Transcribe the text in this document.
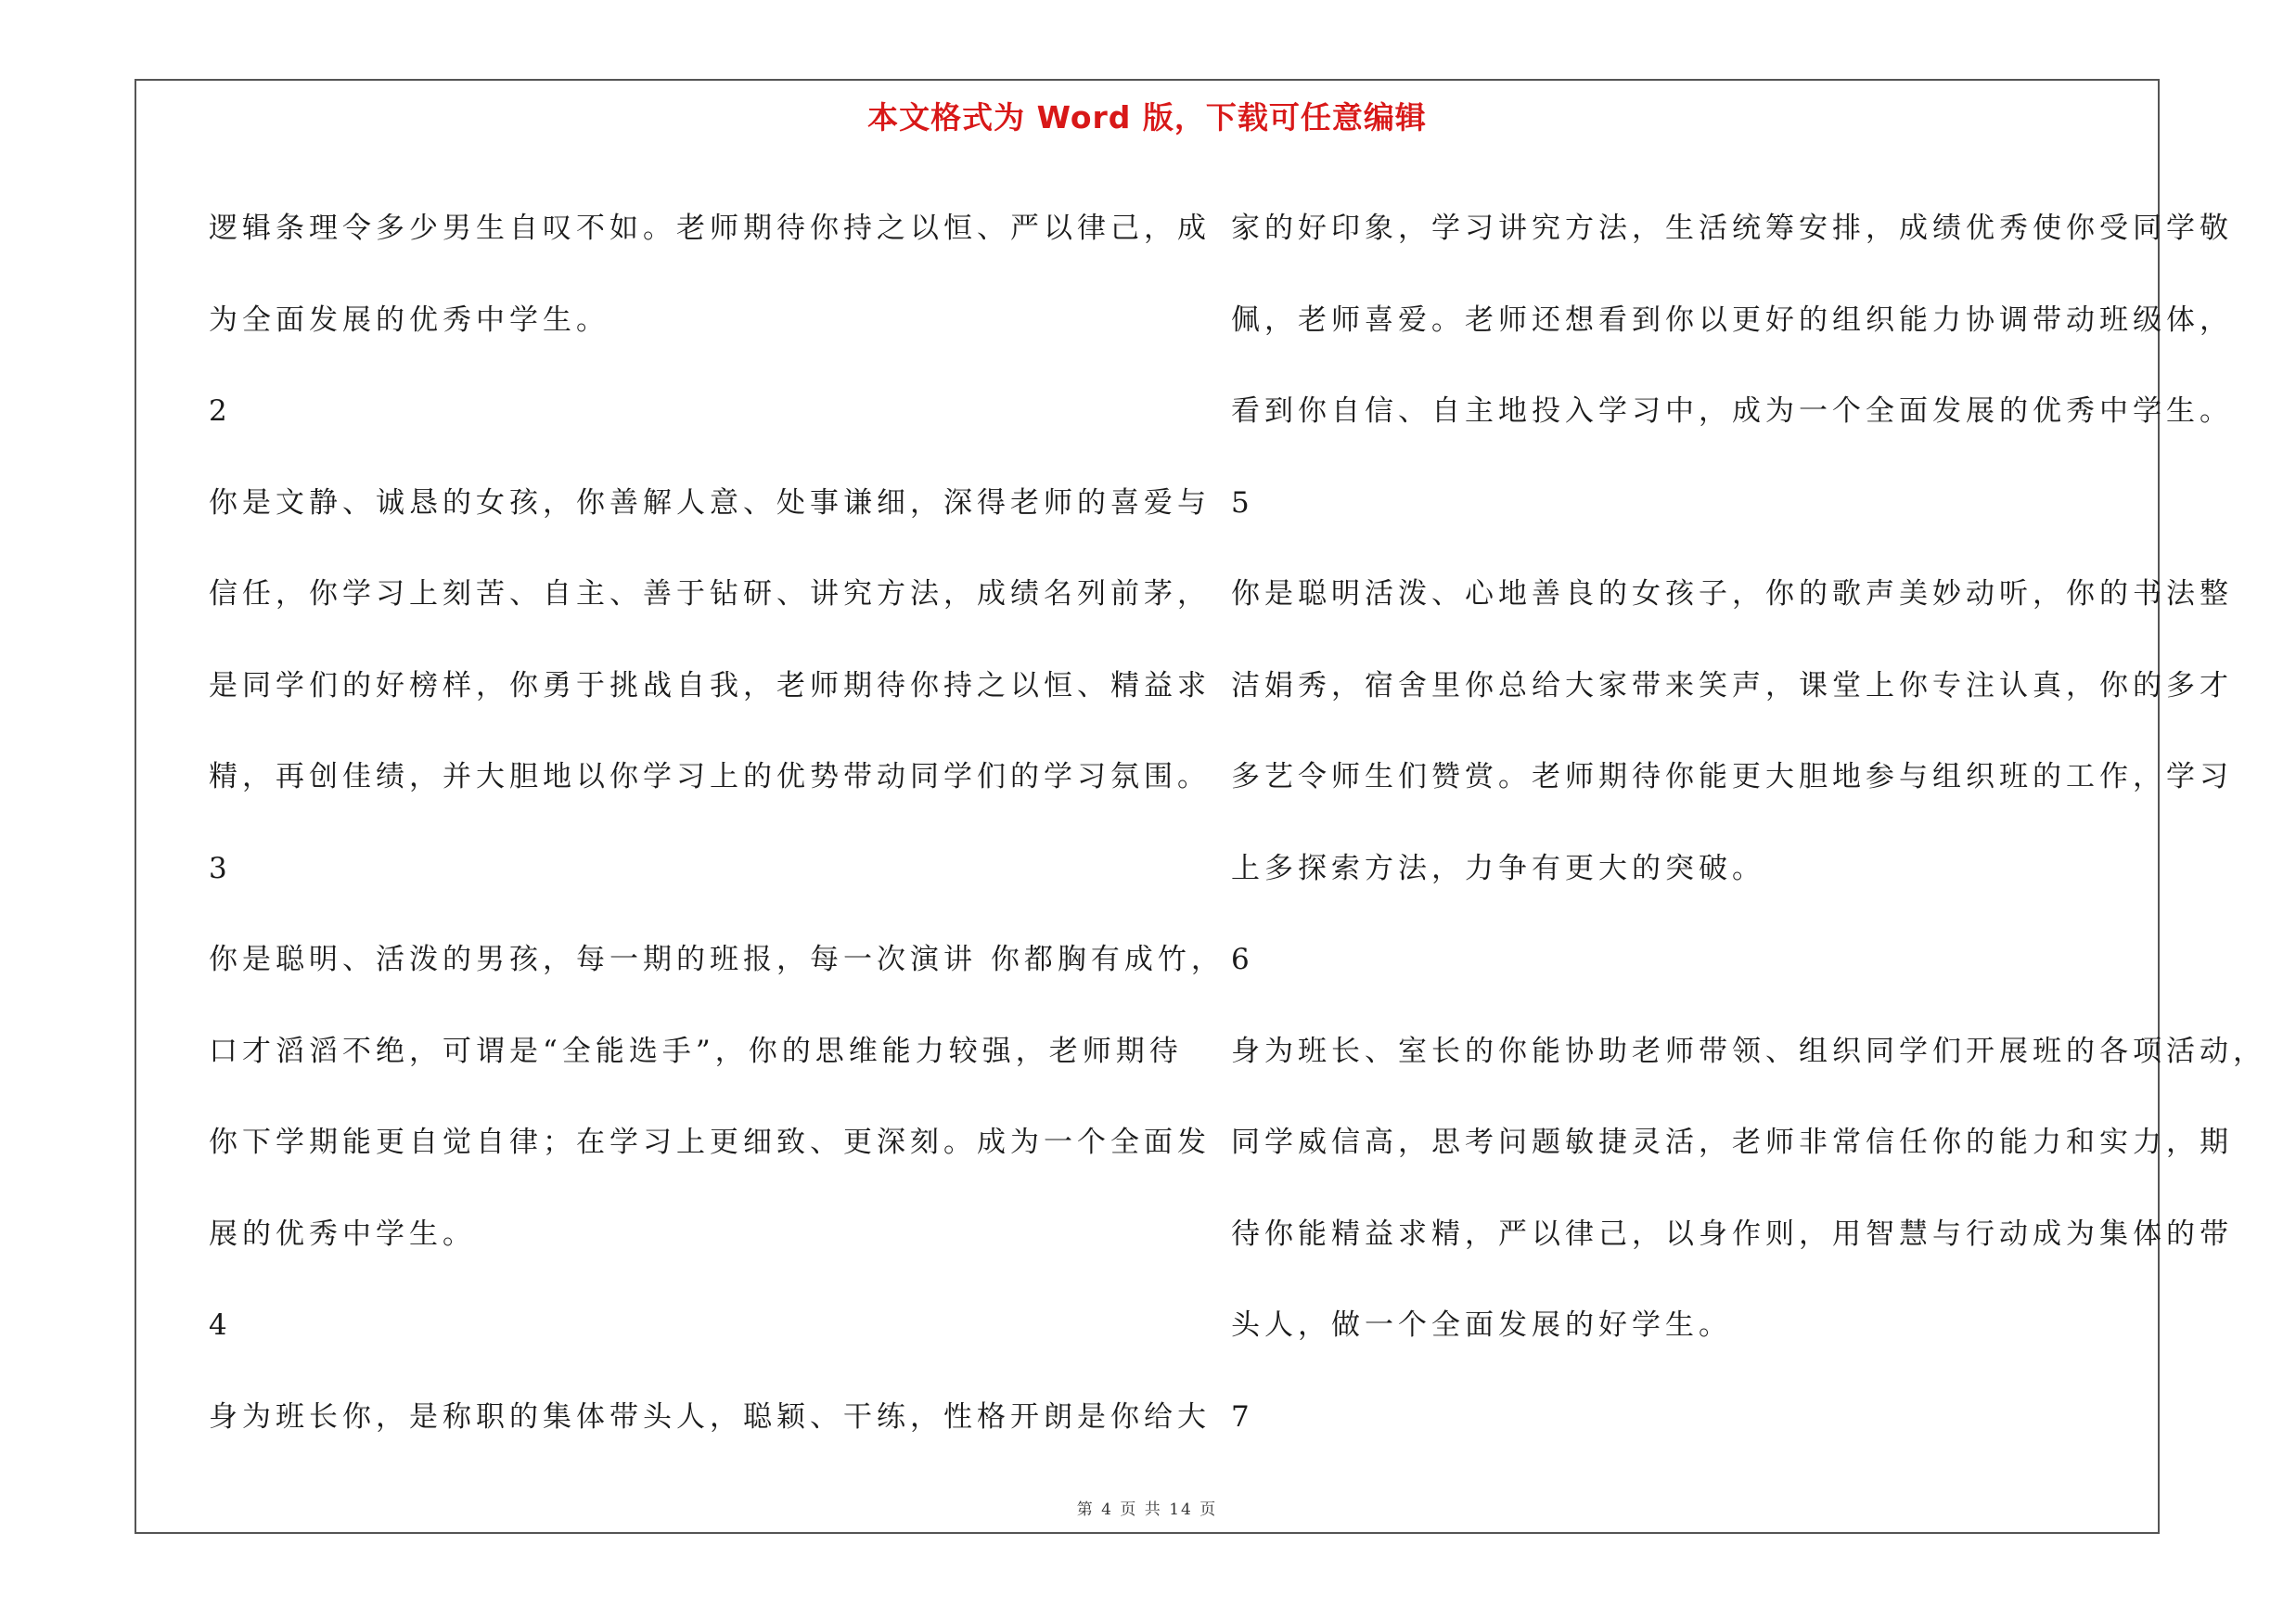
本文格式为 Word 版，下载可任意编辑
逻辑条理令多少男生自叹不如。老师期待你持之以恒、严以律己，成
为全面发展的优秀中学生。
2
你是文静、诚恳的女孩，你善解人意、处事谦细，深得老师的喜爱与
信任，你学习上刻苦、自主、善于钻研、讲究方法，成绩名列前茅，
是同学们的好榜样，你勇于挑战自我，老师期待你持之以恒、精益求
精，再创佳绩，并大胆地以你学习上的优势带动同学们的学习氛围。
3
你是聪明、活泼的男孩，每一期的班报，每一次演讲 你都胸有成竹，
口才滔滔不绝，可谓是“全能选手”，你的思维能力较强，老师期待
你下学期能更自觉自律；在学习上更细致、更深刻。成为一个全面发
展的优秀中学生。
4
身为班长你，是称职的集体带头人，聪颖、干练，性格开朗是你给大
家的好印象，学习讲究方法，生活统筹安排，成绩优秀使你受同学敬
佩，老师喜爱。老师还想看到你以更好的组织能力协调带动班级体，
看到你自信、自主地投入学习中，成为一个全面发展的优秀中学生。
5
你是聪明活泼、心地善良的女孩子，你的歌声美妙动听，你的书法整
洁娟秀，宿舍里你总给大家带来笑声，课堂上你专注认真，你的多才
多艺令师生们赞赏。老师期待你能更大胆地参与组织班的工作，学习
上多探索方法，力争有更大的突破。
6
身为班长、室长的你能协助老师带领、组织同学们开展班的各项活动，
同学威信高，思考问题敏捷灵活，老师非常信任你的能力和实力，期
待你能精益求精，严以律己，以身作则，用智慧与行动成为集体的带
头人，做一个全面发展的好学生。
7
第 4 页 共 14 页
